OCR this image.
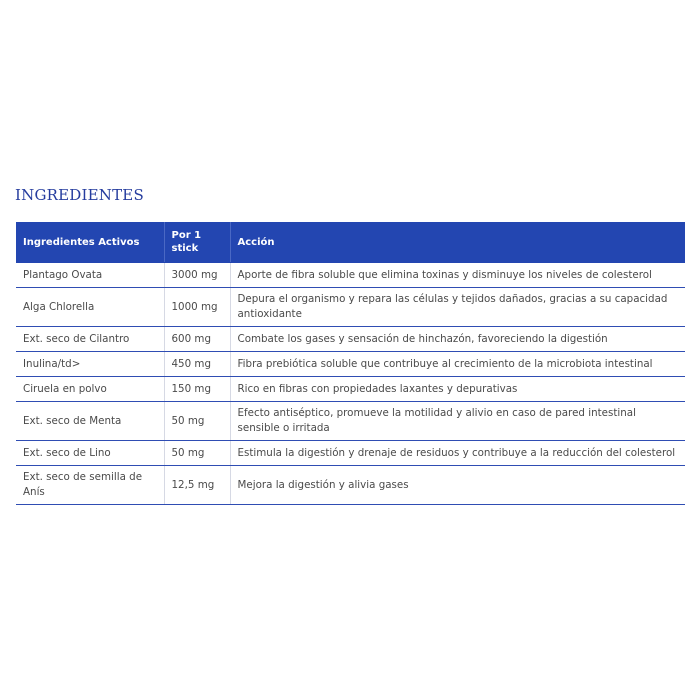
INGREDIENTES
Ingredientes Activos	Por 1 stick	Acción
Plantago Ovata	3000 mg	Aporte de fibra soluble que elimina toxinas y disminuye los niveles de colesterol
Alga Chlorella	1000 mg	Depura el organismo y repara las células y tejidos dañados, gracias a su capacidad antioxidante
Ext. seco de Cilantro	600 mg	Combate los gases y sensación de hinchazón, favoreciendo la digestión
Inulina/td>	450 mg	Fibra prebiótica soluble que contribuye al crecimiento de la microbiota intestinal
Ciruela en polvo	150 mg	Rico en fibras con propiedades laxantes y depurativas
Ext. seco de Menta	50 mg	Efecto antiséptico, promueve la motilidad y alivio en caso de pared intestinal sensible o irritada
Ext. seco de Lino	50 mg	Estimula la digestión y drenaje de residuos y contribuye a la reducción del colesterol
Ext. seco de semilla de Anís	12,5 mg	Mejora la digestión y alivia gases
